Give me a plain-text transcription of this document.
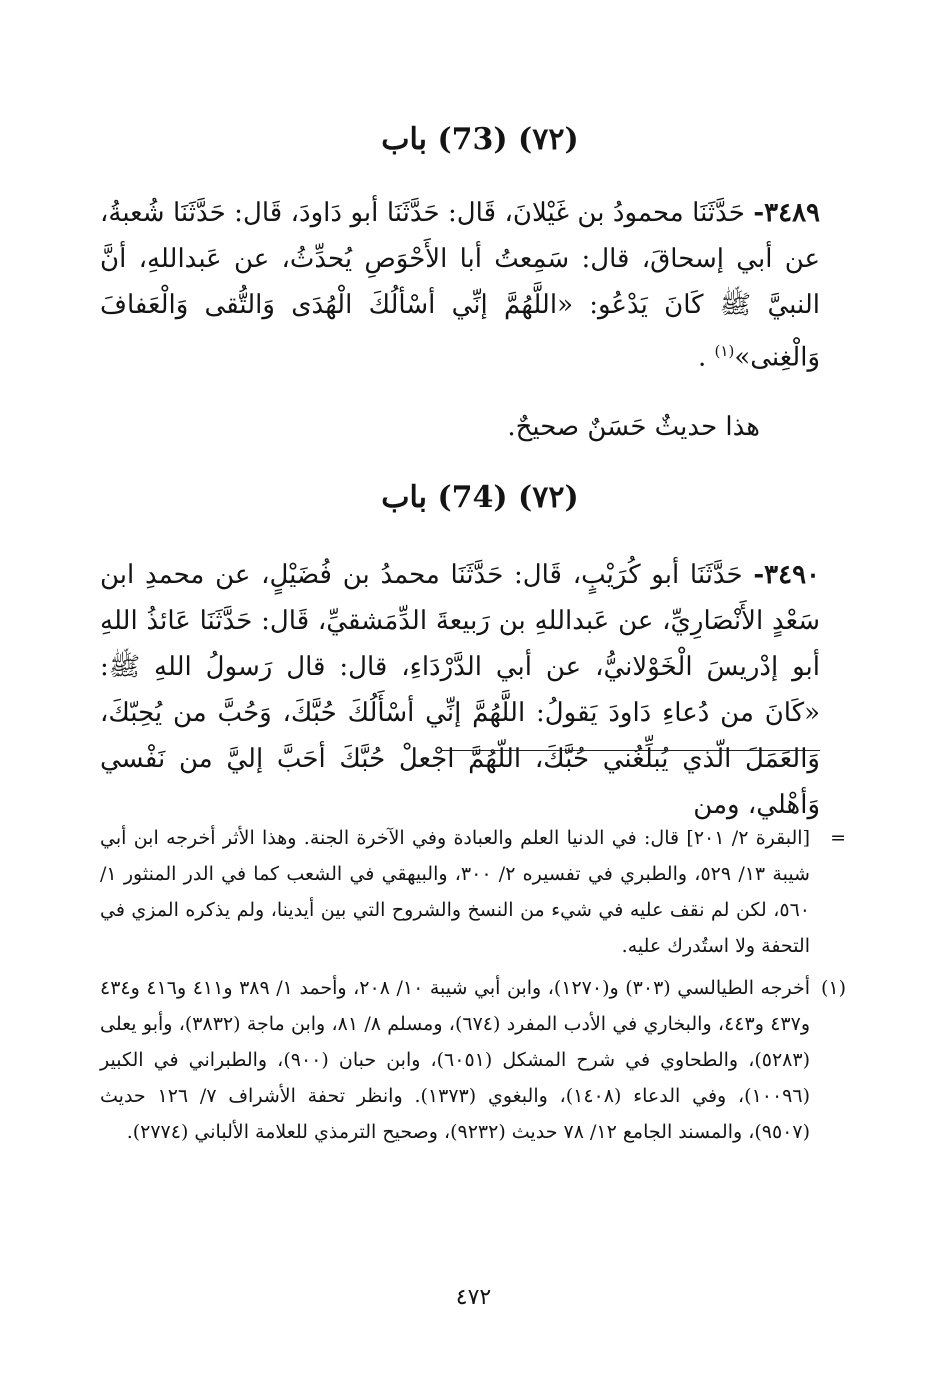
(٧٢) (73) باب

٣٤٨٩- حَدَّثَنَا محمودُ بن غَيْلانَ، قَال: حَدَّثَنَا أبو دَاودَ، قَال: حَدَّثَنَا شُعبةُ، عن أبي إسحاقَ، قال: سَمِعتُ أبا الأَحْوَصِ يُحدِّثُ، عن عَبداللهِ، أنَّ النبيَّ ﷺ كَانَ يَدْعُو: «اللَّهُمَّ إنِّي أسْألُكَ الْهُدَى وَالتُّقى وَالْعَفافَ وَالْغِنى»$^{(١)}$ .

هذا حديثٌ حَسَنٌ صحيحٌ.
(٧٢) (74) باب

٣٤٩٠- حَدَّثَنَا أبو كُرَيْبٍ، قَال: حَدَّثَنَا محمدُ بن فُضَيْلٍ، عن محمدِ ابن سَعْدٍ الأَنْصَارِيِّ، عن عَبداللهِ بن رَبيعةَ الدِّمَشقيِّ، قَال: حَدَّثَنَا عَائذُ اللهِ أبو إدْريسَ الْخَوْلانيُّ، عن أبي الدَّرْدَاءِ، قال: قال رَسولُ اللهِ ﷺ: «كَانَ من دُعاءِ دَاودَ يَقولُ: اللَّهُمَّ إنِّي أسْأَلُكَ حُبَّكَ، وَحُبَّ من يُحِبّكَ، وَالعَمَلَ الّذي يُبلِّغُني حُبَّكَ، اللّهُمَّ اجْعلْ حُبَّكَ أحَبَّ إليَّ من نَفْسي وَأهْلي، ومن

=
[البقرة ٢/ ٢٠١] قال: في الدنيا العلم والعبادة وفي الآخرة الجنة. وهذا الأثر أخرجه ابن أبي شيبة ١٣/ ٥٢٩، والطبري في تفسيره ٢/ ٣٠٠، والبيهقي في الشعب كما في الدر المنثور ١/ ٥٦٠، لكن لم نقف عليه في شيء من النسخ والشروح التي بين أيدينا، ولم يذكره المزي في التحفة ولا استُدرك عليه.
(١)
أخرجه الطيالسي (٣٠٣) و(١٢٧٠)، وابن أبي شيبة ١٠/ ٢٠٨، وأحمد ١/ ٣٨٩ و٤١١ و٤١٦ و٤٣٤ و٤٣٧ و٤٤٣، والبخاري في الأدب المفرد (٦٧٤)، ومسلم ٨/ ٨١، وابن ماجة (٣٨٣٢)، وأبو يعلى (٥٢٨٣)، والطحاوي في شرح المشكل (٦٠٥١)، وابن حبان (٩٠٠)، والطبراني في الكبير (١٠٠٩٦)، وفي الدعاء (١٤٠٨)، والبغوي (١٣٧٣). وانظر تحفة الأشراف ٧/ ١٢٦ حديث (٩٥٠٧)، والمسند الجامع ١٢/ ٧٨ حديث (٩٢٣٢)، وصحيح الترمذي للعلامة الألباني (٢٧٧٤).
٤٧٢
